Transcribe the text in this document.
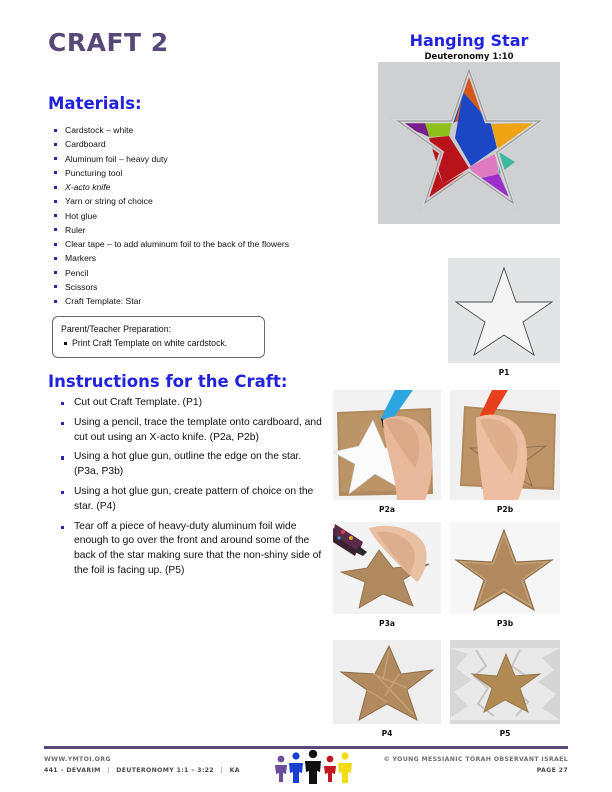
CRAFT 2	Hanging Star
Deuteronomy 1:10
Materials:
Cardstock – white
Cardboard
Aluminum foil – heavy duty
Puncturing tool
X-acto knife
Yarn or string of choice
Hot glue
Ruler
Clear tape – to add aluminum foil to the back of the flowers
Markers
Pencil
Scissors
Craft Template: Star
Parent/Teacher Preparation:
Print Craft Template on white cardstock.
Instructions for the Craft:
Cut out Craft Template. (P1)
Using a pencil, trace the template onto cardboard, and cut out using an X-acto knife. (P2a, P2b)
Using a hot glue gun, outline the edge on the star. (P3a, P3b)
Using a hot glue gun, create pattern of choice on the star. (P4)
Tear off a piece of heavy-duty aluminum foil wide enough to go over the front and around some of the back of the star making sure that the non-shiny side of the foil is facing up. (P5)
P1
P2a	P2b
P3a	P3b
P4	P5
WWW.YMTOI.ORG
441 – DEVARIM | DEUTERONOMY 1:1 – 3:22 | KA
© YOUNG MESSIANIC TORAH OBSERVANT ISRAEL
PAGE 27
